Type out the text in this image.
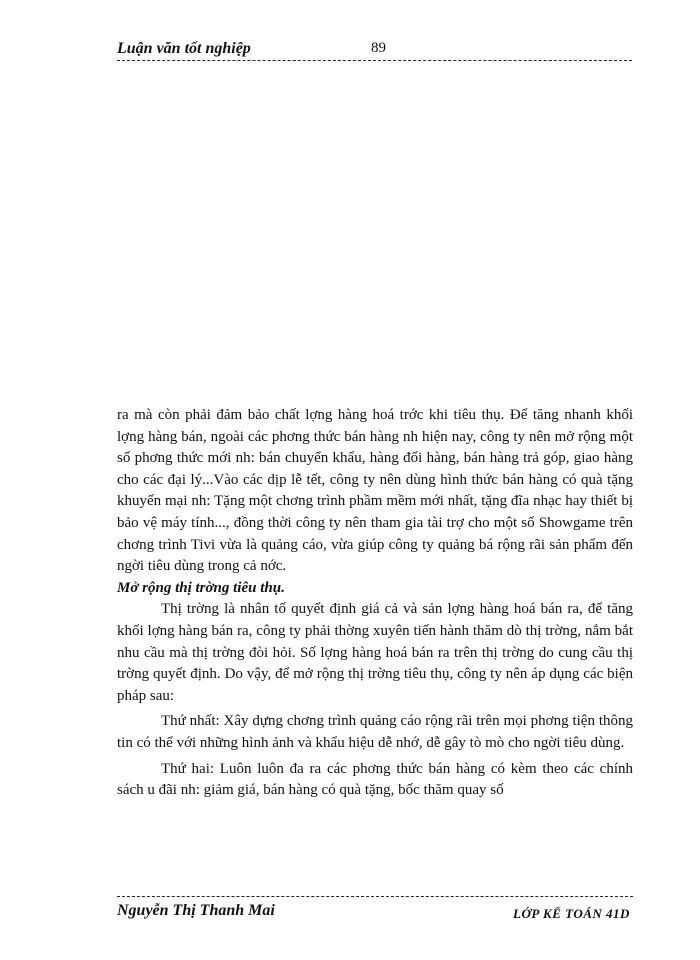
Luận văn tốt nghiệp	89

ra mà còn phải đảm bảo chất lợng hàng hoá trớc khi tiêu thụ. Để tăng nhanh khối lợng hàng bán, ngoài các phơng thức bán hàng nh hiện nay, công ty nên mở rộng một số phơng thức mới nh: bán chuyển khẩu, hàng đổi hàng, bán hàng trả góp, giao hàng cho các đại lý...Vào các dịp lễ tết, công ty nên dùng hình thức bán hàng có quà tặng khuyến mại nh: Tặng một chơng trình phầm mềm mới nhất, tặng đĩa nhạc hay thiết bị bảo vệ máy tính..., đồng thời công ty nên tham gia tài trợ cho một số Showgame trên chơng trình Tivi vừa là quảng cáo, vừa giúp công ty quảng bá rộng rãi sản phẩm đến ngời tiêu dùng trong cả nớc.

Mở rộng thị trờng tiêu thụ.

Thị trờng là nhân tố quyết định giá cả và sản lợng hàng hoá bán ra, để tăng khối lợng hàng bán ra, công ty phải thờng xuyên tiến hành thăm dò thị trờng, nắm bắt nhu cầu mà thị trờng đòi hỏi. Số lợng hàng hoá bán ra trên thị trờng do cung cầu thị trờng quyết định. Do vậy, để mở rộng thị trờng tiêu thụ, công ty nên áp dụng các biện pháp sau:

Thứ nhất: Xây dựng chơng trình quảng cáo rộng rãi trên mọi phơng tiện thông tin có thể với những hình ảnh và khẩu hiệu dễ nhớ, dễ gây tò mò cho ngời tiêu dùng.

Thứ hai: Luôn luôn đa ra các phơng thức bán hàng có kèm theo các chính sách u đãi nh: giảm giá, bán hàng có quà tặng, bốc thăm quay số

Nguyễn Thị Thanh Mai	LỚP KẾ TOÁN 41D
